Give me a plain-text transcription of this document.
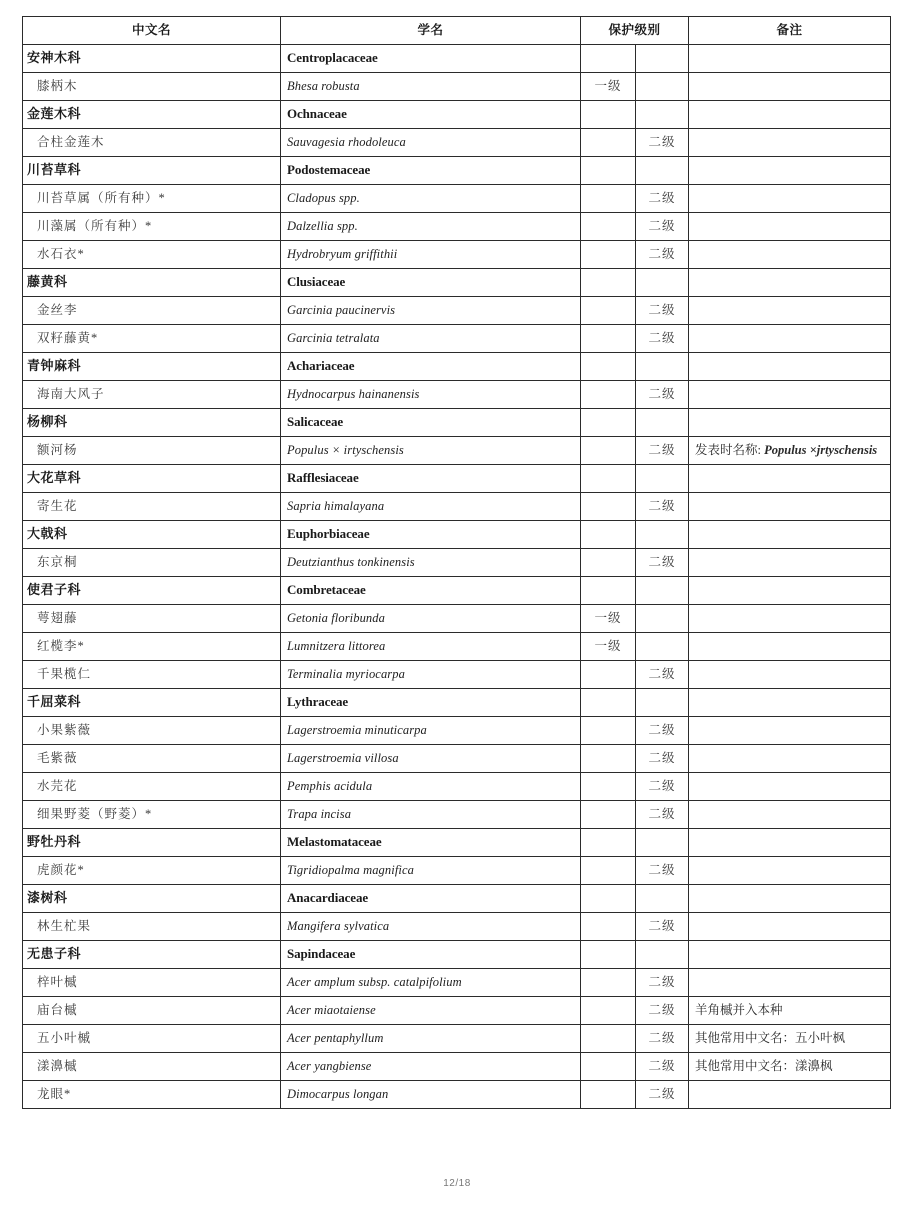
中文名	学名	保护级别		备注
安神木科	Centroplacaceae			
膝柄木	Bhesa robusta	一级		
金莲木科	Ochnaceae			
合柱金莲木	Sauvagesia rhodoleuca		二级	
川苔草科	Podostemaceae			
川苔草属（所有种）*	Cladopus spp.		二级	
川藻属（所有种）*	Dalzellia spp.		二级	
水石衣*	Hydrobryum griffithii		二级	
藤黄科	Clusiaceae			
金丝李	Garcinia paucinervis		二级	
双籽藤黄*	Garcinia tetralata		二级	
青钟麻科	Achariaceae			
海南大风子	Hydnocarpus hainanensis		二级	
杨柳科	Salicaceae			
额河杨	Populus × irtyschensis		二级	发表时名称: Populus ×jrtyschensis
大花草科	Rafflesiaceae			
寄生花	Sapria himalayana		二级	
大戟科	Euphorbiaceae			
东京桐	Deutzianthus tonkinensis		二级	
使君子科	Combretaceae			
萼翅藤	Getonia floribunda	一级		
红榄李*	Lumnitzera littorea	一级		
千果榄仁	Terminalia myriocarpa		二级	
千屈菜科	Lythraceae			
小果紫薇	Lagerstroemia minuticarpa		二级	
毛紫薇	Lagerstroemia villosa		二级	
水芫花	Pemphis acidula		二级	
细果野菱（野菱）*	Trapa incisa		二级	
野牡丹科	Melastomataceae			
虎颜花*	Tigridiopalma magnifica		二级	
漆树科	Anacardiaceae			
林生杧果	Mangifera sylvatica		二级	
无患子科	Sapindaceae			
梓叶槭	Acer amplum subsp. catalpifolium		二级	
庙台槭	Acer miaotaiense		二级	羊角槭并入本种
五小叶槭	Acer pentaphyllum		二级	其他常用中文名：五小叶枫
漾濞槭	Acer yangbiense		二级	其他常用中文名：漾濞枫
龙眼*	Dimocarpus longan		二级	
12/18
